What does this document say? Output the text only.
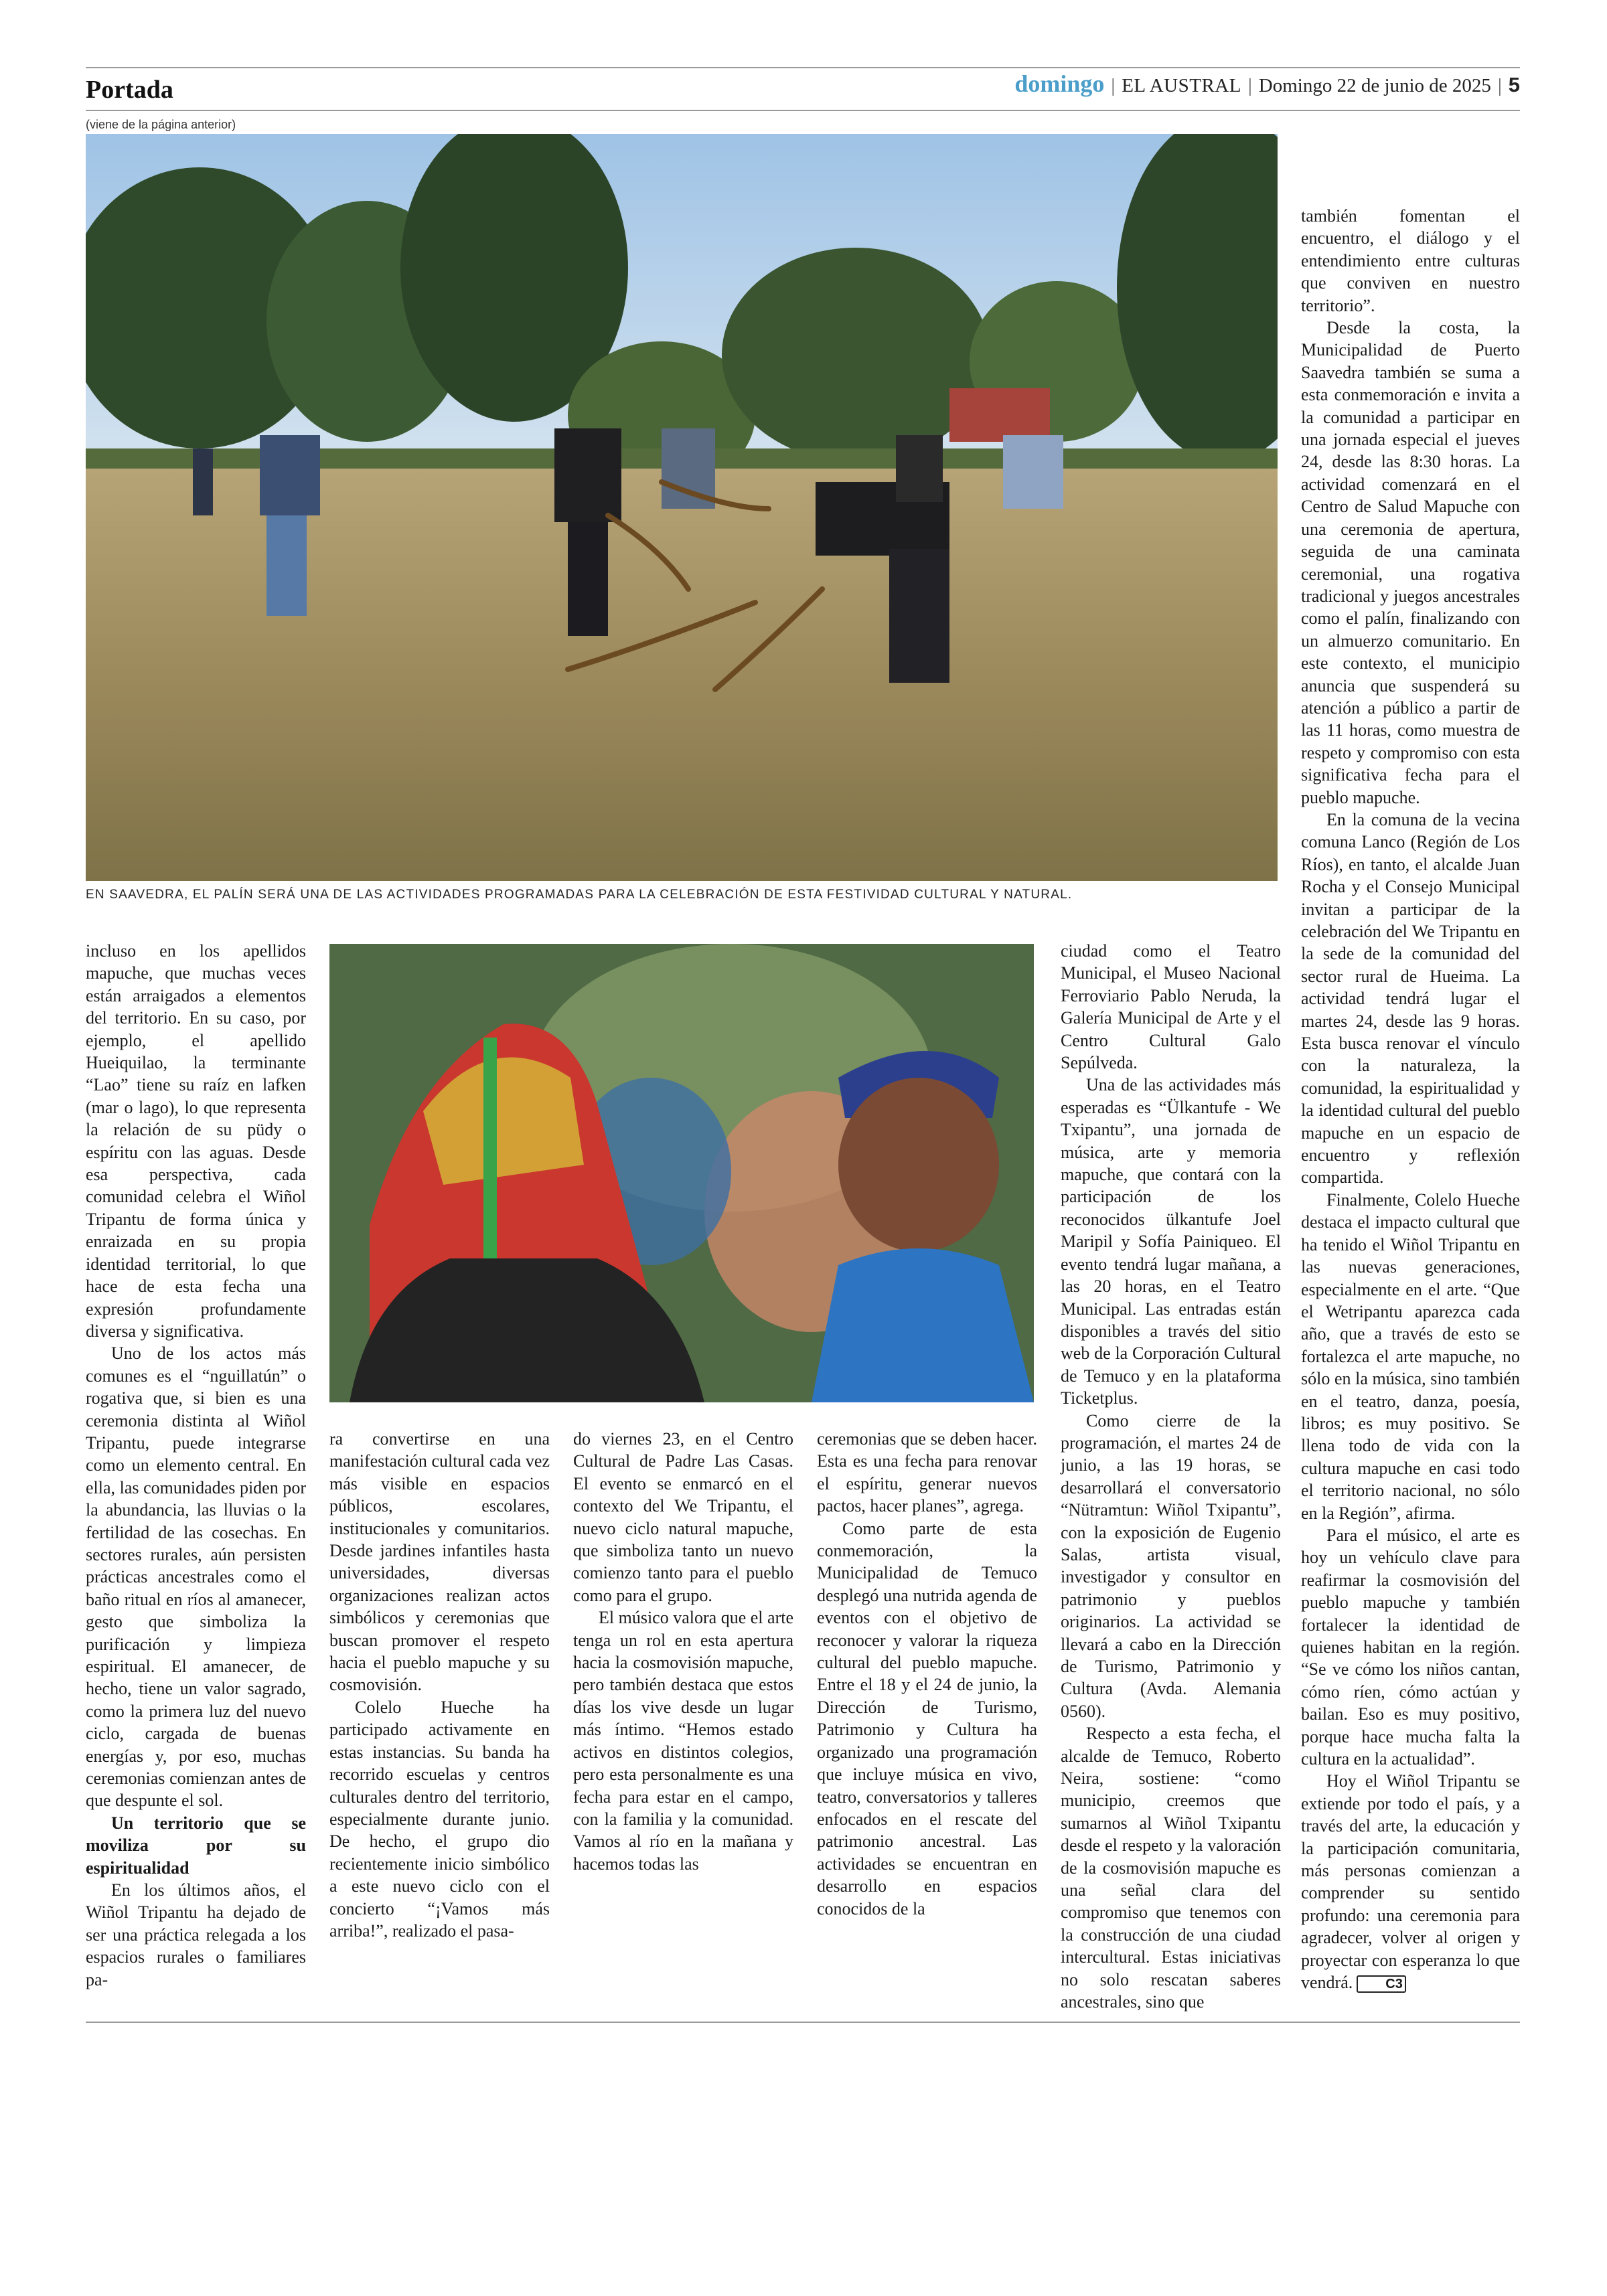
Portada	domingo | EL AUSTRAL | Domingo 22 de junio de 2025 | 5
(viene de la página anterior)
EN SAAVEDRA, EL PALÍN SERÁ UNA DE LAS ACTIVIDADES PROGRAMADAS PARA LA CELEBRACIÓN DE ESTA FESTIVIDAD CULTURAL Y NATURAL.

incluso en los apellidos mapuche, que muchas veces están arraigados a elementos del territorio. En su caso, por ejemplo, el apellido Hueiquilao, la terminante “Lao” tiene su raíz en lafken (mar o lago), lo que representa la relación de su püdy o espíritu con las aguas. Desde esa perspectiva, cada comunidad celebra el Wiñol Tripantu de forma única y enraizada en su propia identidad territorial, lo que hace de esta fecha una expresión profundamente diversa y significativa.

Uno de los actos más comunes es el “nguillatún” o rogativa que, si bien es una ceremonia distinta al Wiñol Tripantu, puede integrarse como un elemento central. En ella, las comunidades piden por la abundancia, las lluvias o la fertilidad de las cosechas. En sectores rurales, aún persisten prácticas ancestrales como el baño ritual en ríos al amanecer, gesto que simboliza la purificación y limpieza espiritual. El amanecer, de hecho, tiene un valor sagrado, como la primera luz del nuevo ciclo, cargada de buenas energías y, por eso, muchas ceremonias comienzan antes de que despunte el sol.

Un territorio que se moviliza por su espiritualidad

En los últimos años, el Wiñol Tripantu ha dejado de ser una práctica relegada a los espacios rurales o familiares pa-

ra convertirse en una manifestación cultural cada vez más visible en espacios públicos, escolares, institucionales y comunitarios. Desde jardines infantiles hasta universidades, diversas organizaciones realizan actos simbólicos y ceremonias que buscan promover el respeto hacia el pueblo mapuche y su cosmovisión.

Colelo Hueche ha participado activamente en estas instancias. Su banda ha recorrido escuelas y centros culturales dentro del territorio, especialmente durante junio. De hecho, el grupo dio recientemente inicio simbólico a este nuevo ciclo con el concierto “¡Vamos más arriba!”, realizado el pasa-

do viernes 23, en el Centro Cultural de Padre Las Casas. El evento se enmarcó en el contexto del We Tripantu, el nuevo ciclo natural mapuche, que simboliza tanto un nuevo comienzo tanto para el pueblo como para el grupo.

El músico valora que el arte tenga un rol en esta apertura hacia la cosmovisión mapuche, pero también destaca que estos días los vive desde un lugar más íntimo. “Hemos estado activos en distintos colegios, pero esta personalmente es una fecha para estar en el campo, con la familia y la comunidad. Vamos al río en la mañana y hacemos todas las

ceremonias que se deben hacer. Esta es una fecha para renovar el espíritu, generar nuevos pactos, hacer planes”, agrega.

Como parte de esta conmemoración, la Municipalidad de Temuco desplegó una nutrida agenda de eventos con el objetivo de reconocer y valorar la riqueza cultural del pueblo mapuche. Entre el 18 y el 24 de junio, la Dirección de Turismo, Patrimonio y Cultura ha organizado una programación que incluye música en vivo, teatro, conversatorios y talleres enfocados en el rescate del patrimonio ancestral. Las actividades se encuentran en desarrollo en espacios conocidos de la

ciudad como el Teatro Municipal, el Museo Nacional Ferroviario Pablo Neruda, la Galería Municipal de Arte y el Centro Cultural Galo Sepúlveda.

Una de las actividades más esperadas es “Ülkantufe - We Txipantu”, una jornada de música, arte y memoria mapuche, que contará con la participación de los reconocidos ülkantufe Joel Maripil y Sofía Painiqueo. El evento tendrá lugar mañana, a las 20 horas, en el Teatro Municipal. Las entradas están disponibles a través del sitio web de la Corporación Cultural de Temuco y en la plataforma Ticketplus.

Como cierre de la programación, el martes 24 de junio, a las 19 horas, se desarrollará el conversatorio “Nütramtun: Wiñol Txipantu”, con la exposición de Eugenio Salas, artista visual, investigador y consultor en patrimonio y pueblos originarios. La actividad se llevará a cabo en la Dirección de Turismo, Patrimonio y Cultura (Avda. Alemania 0560).

Respecto a esta fecha, el alcalde de Temuco, Roberto Neira, sostiene: “como municipio, creemos que sumarnos al Wiñol Txipantu desde el respeto y la valoración de la cosmovisión mapuche es una señal clara del compromiso que tenemos con la construcción de una ciudad intercultural. Estas iniciativas no solo rescatan saberes ancestrales, sino que

también fomentan el encuentro, el diálogo y el entendimiento entre culturas que conviven en nuestro territorio”.

Desde la costa, la Municipalidad de Puerto Saavedra también se suma a esta conmemoración e invita a la comunidad a participar en una jornada especial el jueves 24, desde las 8:30 horas. La actividad comenzará en el Centro de Salud Mapuche con una ceremonia de apertura, seguida de una caminata ceremonial, una rogativa tradicional y juegos ancestrales como el palín, finalizando con un almuerzo comunitario. En este contexto, el municipio anuncia que suspenderá su atención a público a partir de las 11 horas, como muestra de respeto y compromiso con esta significativa fecha para el pueblo mapuche.

En la comuna de la vecina comuna Lanco (Región de Los Ríos), en tanto, el alcalde Juan Rocha y el Consejo Municipal invitan a participar de la celebración del We Tripantu en la sede de la comunidad del sector rural de Hueima. La actividad tendrá lugar el martes 24, desde las 9 horas. Esta busca renovar el vínculo con la naturaleza, la comunidad, la espiritualidad y la identidad cultural del pueblo mapuche en un espacio de encuentro y reflexión compartida.

Finalmente, Colelo Hueche destaca el impacto cultural que ha tenido el Wiñol Tripantu en las nuevas generaciones, especialmente en el arte. “Que el Wetripantu aparezca cada año, que a través de esto se fortalezca el arte mapuche, no sólo en la música, sino también en el teatro, danza, poesía, libros; es muy positivo. Se llena todo de vida con la cultura mapuche en casi todo el territorio nacional, no sólo en la Región”, afirma.

Para el músico, el arte es hoy un vehículo clave para reafirmar la cosmovisión del pueblo mapuche y también fortalecer la identidad de quienes habitan en la región. “Se ve cómo los niños cantan, cómo ríen, cómo actúan y bailan. Eso es muy positivo, porque hace mucha falta la cultura en la actualidad”.

Hoy el Wiñol Tripantu se extiende por todo el país, y a través del arte, la educación y la participación comunitaria, más personas comienzan a comprender su sentido profundo: una ceremonia para agradecer, volver al origen y proyectar con esperanza lo que vendrá. C3
